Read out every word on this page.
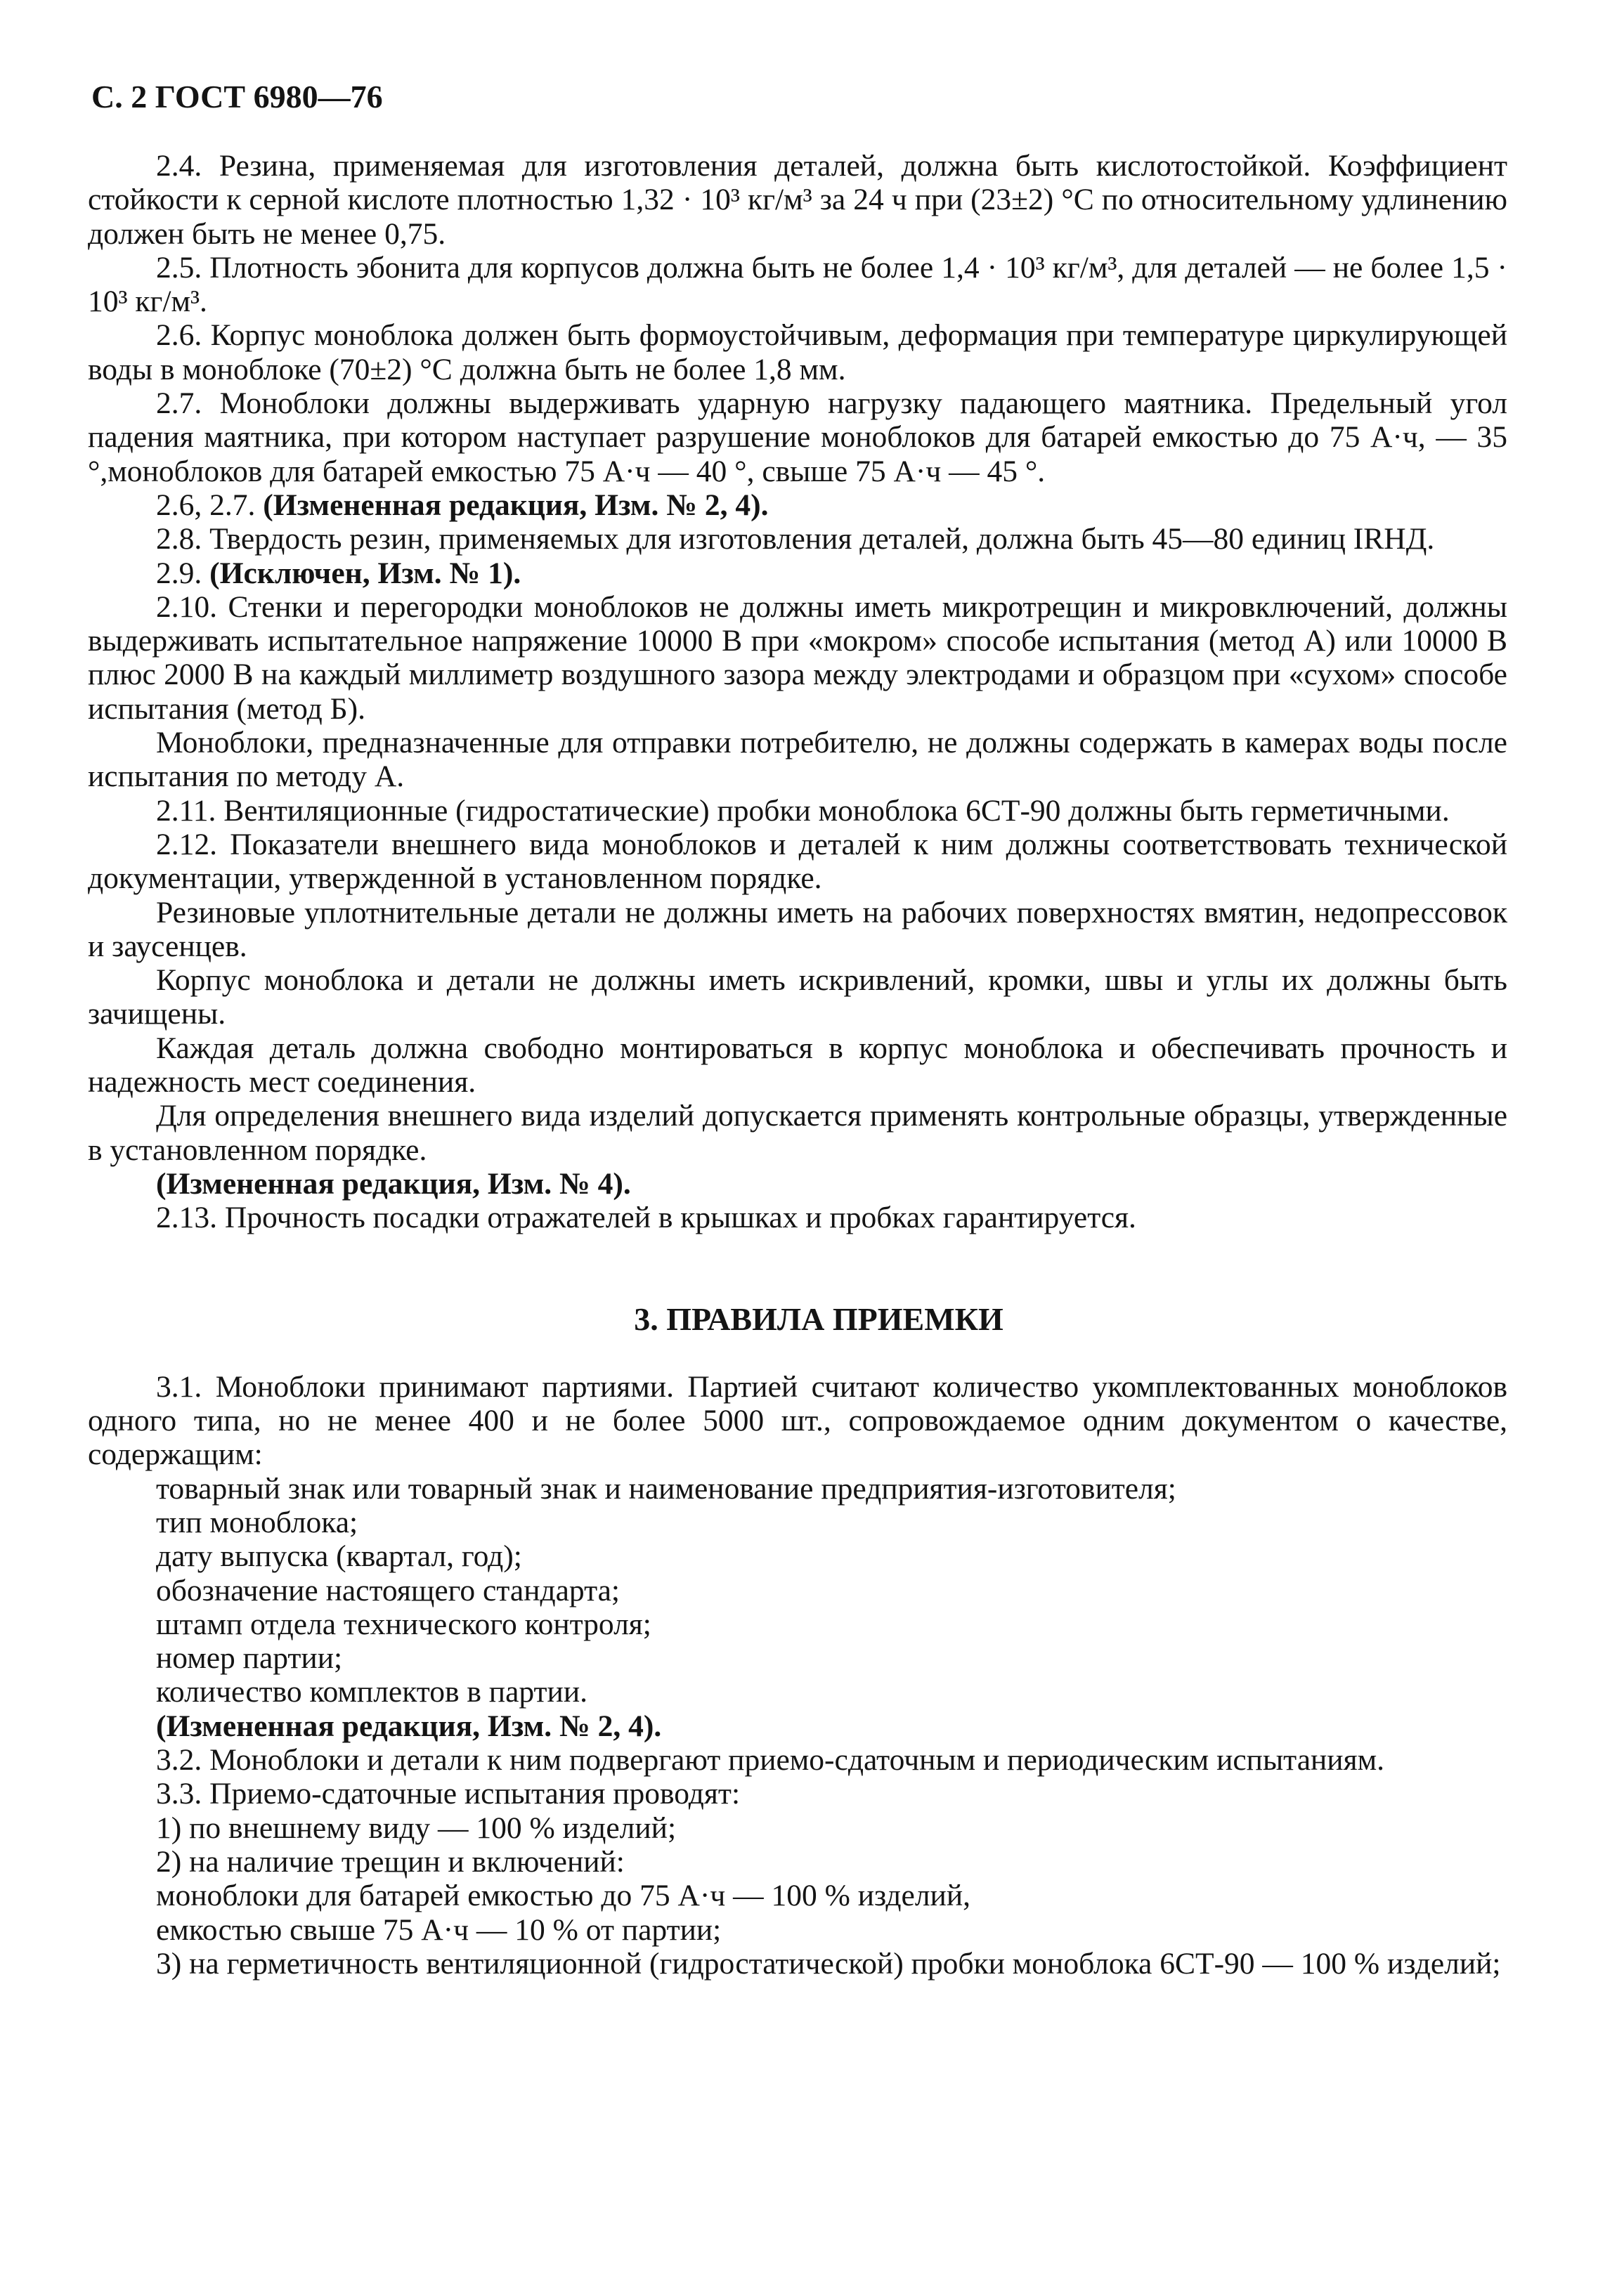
С. 2 ГОСТ 6980—76

2.4. Резина, применяемая для изготовления деталей, должна быть кислотостойкой. Коэффициент стойкости к серной кислоте плотностью 1,32 · 10³ кг/м³ за 24 ч при (23±2) °С по относительному удлинению должен быть не менее 0,75.

2.5. Плотность эбонита для корпусов должна быть не более 1,4 · 10³ кг/м³, для деталей — не более 1,5 · 10³ кг/м³.

2.6. Корпус моноблока должен быть формоустойчивым, деформация при температуре циркулирующей воды в моноблоке (70±2) °С должна быть не более 1,8 мм.

2.7. Моноблоки должны выдерживать ударную нагрузку падающего маятника. Предельный угол падения маятника, при котором наступает разрушение моноблоков для батарей емкостью до 75 А·ч, — 35 °,моноблоков для батарей емкостью 75 А·ч — 40 °, свыше 75 А·ч — 45 °.

2.6, 2.7. (Измененная редакция, Изм. № 2, 4).

2.8. Твердость резин, применяемых для изготовления деталей, должна быть 45—80 единиц IRHД.

2.9. (Исключен, Изм. № 1).

2.10. Стенки и перегородки моноблоков не должны иметь микротрещин и микровключений, должны выдерживать испытательное напряжение 10000 В при «мокром» способе испытания (метод А) или 10000 В плюс 2000 В на каждый миллиметр воздушного зазора между электродами и образцом при «сухом» способе испытания (метод Б).

Моноблоки, предназначенные для отправки потребителю, не должны содержать в камерах воды после испытания по методу А.

2.11. Вентиляционные (гидростатические) пробки моноблока 6СТ-90 должны быть герметичными.

2.12. Показатели внешнего вида моноблоков и деталей к ним должны соответствовать технической документации, утвержденной в установленном порядке.

Резиновые уплотнительные детали не должны иметь на рабочих поверхностях вмятин, недопрессовок и заусенцев.

Корпус моноблока и детали не должны иметь искривлений, кромки, швы и углы их должны быть зачищены.

Каждая деталь должна свободно монтироваться в корпус моноблока и обеспечивать прочность и надежность мест соединения.

Для определения внешнего вида изделий допускается применять контрольные образцы, утвержденные в установленном порядке.

(Измененная редакция, Изм. № 4).

2.13. Прочность посадки отражателей в крышках и пробках гарантируется.

3. ПРАВИЛА ПРИЕМКИ

3.1. Моноблоки принимают партиями. Партией считают количество укомплектованных моноблоков одного типа, но не менее 400 и не более 5000 шт., сопровождаемое одним документом о качестве, содержащим:

товарный знак или товарный знак и наименование предприятия-изготовителя;

тип моноблока;

дату выпуска (квартал, год);

обозначение настоящего стандарта;

штамп отдела технического контроля;

номер партии;

количество комплектов в партии.

(Измененная редакция, Изм. № 2, 4).

3.2. Моноблоки и детали к ним подвергают приемо-сдаточным и периодическим испытаниям.

3.3. Приемо-сдаточные испытания проводят:

1) по внешнему виду — 100 % изделий;

2) на наличие трещин и включений:

моноблоки для батарей емкостью до 75 А·ч — 100 % изделий,

емкостью свыше 75 А·ч — 10 % от партии;

3) на герметичность вентиляционной (гидростатической) пробки моноблока 6СТ-90 — 100 % изделий;
